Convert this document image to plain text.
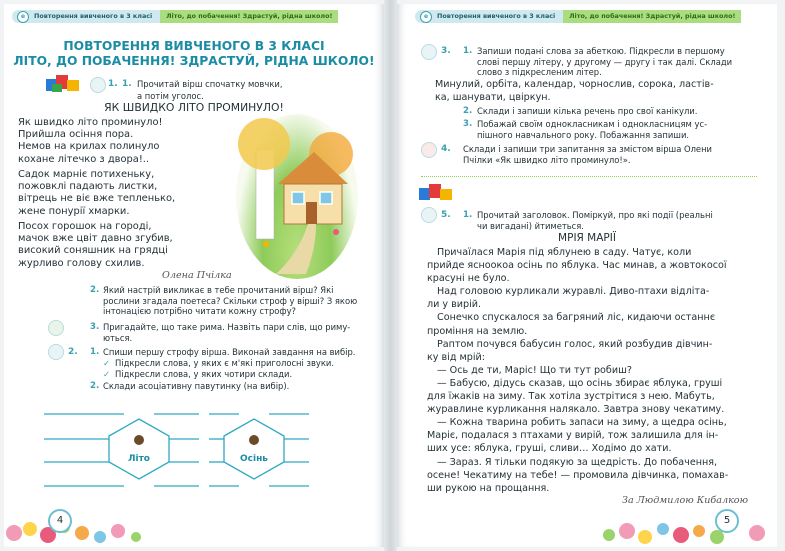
е	Повторення вивченого в 3 класі	Літо, до побачення! Здрастуй, рідна школо!
ПОВТОРЕННЯ ВИВЧЕНОГО В 3 КЛАСІ
ЛІТО, ДО ПОБАЧЕННЯ! ЗДРАСТУЙ, РІДНА ШКОЛО!
1. 1. Прочитай вірш спочатку мовчки,
а потім уголос.
ЯК ШВИДКО ЛІТО ПРОМИНУЛО!
Як швидко літо проминуло!
Прийшла осіння пора.
Немов на крилах полинуло
кохане літечко з двора!..
Садок марніє потихеньку,
пожовклі падають листки,
вітрець не віє вже тепленько,
жене понурії хмарки.
Посох горошок на городі,
мачок вже цвіт давно згубив,
високий соняшник на грядці
журливо голову схилив.
Олена Пчілка
2. Який настрій викликає в тебе прочитаний вірш? Які
рослини згадала поетеса? Скільки строф у вірші? З якою
інтонацією потрібно читати кожну строфу?
3. Пригадайте, що таке рима. Назвіть пари слів, що риму-
ються.
2. 1. Спиши першу строфу вірша. Виконай завдання на вибір.
✓ Підкресли слова, у яких є м'які приголосні звуки.
✓ Підкресли слова, у яких чотири склади.
2. Склади асоціативну павутинку (на вибір).
Літо	Осінь
4
е	Повторення вивченого в 3 класі	Літо, до побачення! Здрастуй, рідна школо!
3. 1. Запиши подані слова за абеткою. Підкресли в першому
слові першу літеру, у другому — другу і так далі. Склади
слово з підкресленим літер.
Минулий, орбіта, календар, чорнослив, сорока, ластів-
ка, шанувати, цвіркун.
2. Склади і запиши кілька речень про свої канікули.
3. Побажай своїм однокласникам і однокласницям ус-
пішного навчального року. Побажання запиши.
4. Склади і запиши три запитання за змістом вірша Олени
Пчілки «Як швидко літо проминуло!».
5. 1. Прочитай заголовок. Поміркуй, про які події (реальні
чи вигадані) йтиметься.
МРІЯ МАРІЇ
Причаїлася Марія під яблунею в саду. Чатує, коли
прийде ясноокоа осінь по яблука. Час минав, а жовтокосої
красуні не було.
Над головою курликали журавлі. Диво-птахи відліта-
ли у вирій.
Сонечко спускалося за багряний ліс, кидаючи останнє
проміння на землю.
Раптом почувся бабусин голос, який розбудив дівчин-
ку від мрій:
— Ось де ти, Маріс! Що ти тут робиш?
— Бабусю, дідусь сказав, що осінь збирає яблука, груші
для їжаків на зиму. Так хотіла зустрітися з нею. Мабуть,
журавлине курликання налякало. Завтра знову чекатиму.
— Кожна тварина робить запаси на зиму, а щедра осінь,
Маріє, подалася з птахами у вирій, тож залишила для ін-
ших усе: яблука, груші, сливи… Ходімо до хати.
— Зараз. Я тільки подякую за щедрість. До побачення,
осене! Чекатиму на тебе! — промовила дівчинка, помахав-
ши рукою на прощання.
За Людмилою Кибалкою
5
